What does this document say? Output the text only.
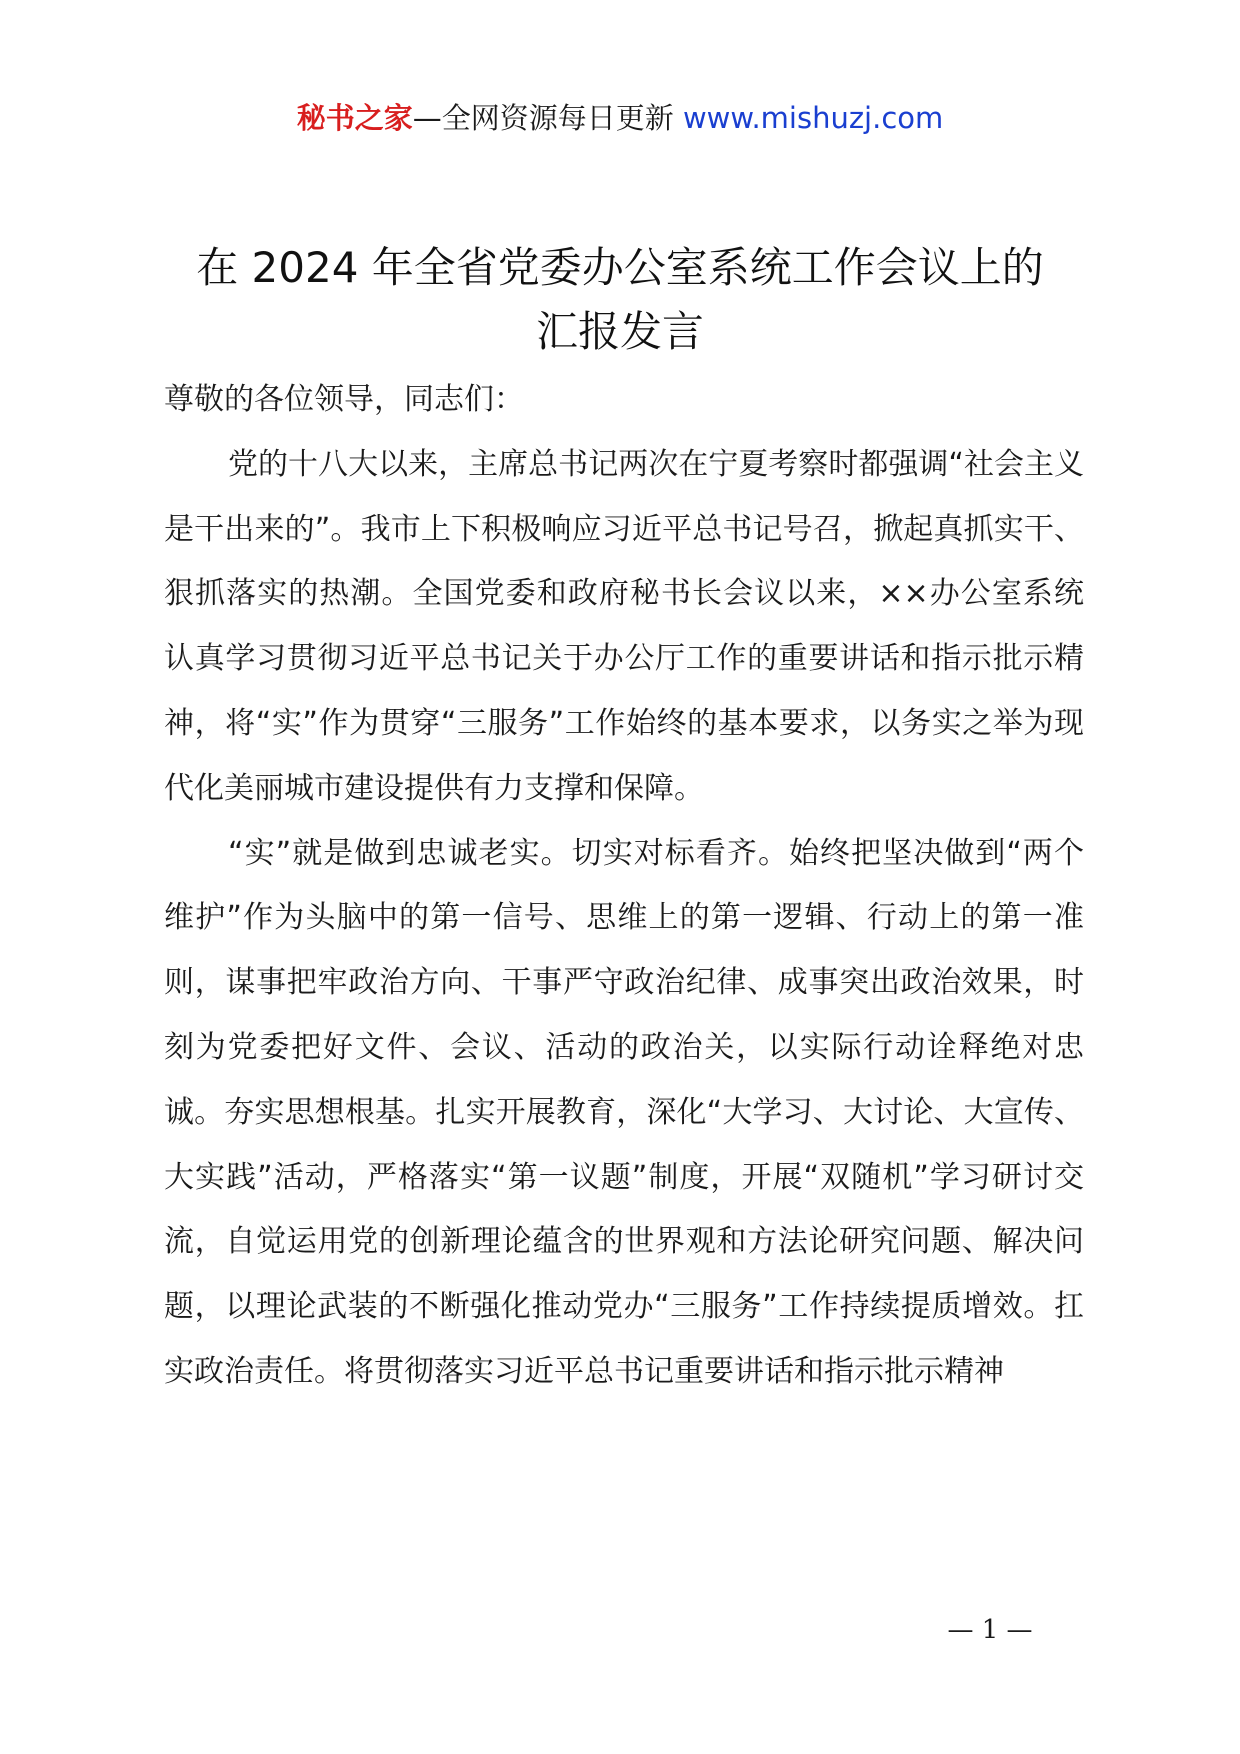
秘书之家—全网资源每日更新 www.mishuzj.com
在 2024 年全省党委办公室系统工作会议上的
汇报发言

尊敬的各位领导，同志们：

党的十八大以来，主席总书记两次在宁夏考察时都强调“社会主义是干出来的”。我市上下积极响应习近平总书记号召，掀起真抓实干、狠抓落实的热潮。全国党委和政府秘书长会议以来，××办公室系统认真学习贯彻习近平总书记关于办公厅工作的重要讲话和指示批示精神，将“实”作为贯穿“三服务”工作始终的基本要求，以务实之举为现代化美丽城市建设提供有力支撑和保障。

“实”就是做到忠诚老实。切实对标看齐。始终把坚决做到“两个维护”作为头脑中的第一信号、思维上的第一逻辑、行动上的第一准则，谋事把牢政治方向、干事严守政治纪律、成事突出政治效果，时刻为党委把好文件、会议、活动的政治关，以实际行动诠释绝对忠诚。夯实思想根基。扎实开展教育，深化“大学习、大讨论、大宣传、大实践”活动，严格落实“第一议题”制度，开展“双随机”学习研讨交流，自觉运用党的创新理论蕴含的世界观和方法论研究问题、解决问题，以理论武装的不断强化推动党办“三服务”工作持续提质增效。扛实政治责任。将贯彻落实习近平总书记重要讲话和指示批示精神

— 1 —
